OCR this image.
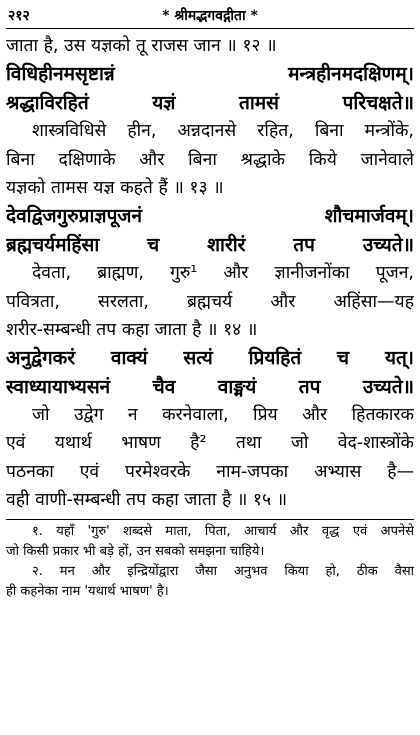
२१२	* श्रीमद्भगवद्गीता *
जाता है, उस यज्ञको तू राजस जान ॥ १२ ॥
विधिहीनमसृष्टान्नं मन्त्रहीनमदक्षिणम्।
श्रद्धाविरहितं यज्ञं तामसं परिचक्षते॥
शास्त्रविधिसे हीन, अन्नदानसे रहित, बिना मन्त्रोंके,
बिना दक्षिणाके और बिना श्रद्धाके किये जानेवाले
यज्ञको तामस यज्ञ कहते हैं ॥ १३ ॥
देवद्विजगुरुप्राज्ञपूजनं शौचमार्जवम्।
ब्रह्मचर्यमहिंसा च शारीरं तप उच्यते॥
देवता, ब्राह्मण, गुरु¹ और ज्ञानीजनोंका पूजन,
पवित्रता, सरलता, ब्रह्मचर्य और अहिंसा—यह
शरीर-सम्बन्धी तप कहा जाता है ॥ १४ ॥
अनुद्वेगकरं वाक्यं सत्यं प्रियहितं च यत्।
स्वाध्यायाभ्यसनं चैव वाङ्मयं तप उच्यते॥
जो उद्वेग न करनेवाला, प्रिय और हितकारक
एवं यथार्थ भाषण है² तथा जो वेद-शास्त्रोंके
पठनका एवं परमेश्वरके नाम-जपका अभ्यास है—
वही वाणी-सम्बन्धी तप कहा जाता है ॥ १५ ॥
१. यहाँ 'गुरु' शब्दसे माता, पिता, आचार्य और वृद्ध एवं अपनेसे
जो किसी प्रकार भी बड़े हों, उन सबको समझना चाहिये।
२. मन और इन्द्रियोंद्वारा जैसा अनुभव किया हो, ठीक वैसा
ही कहनेका नाम 'यथार्थ भाषण' है।
